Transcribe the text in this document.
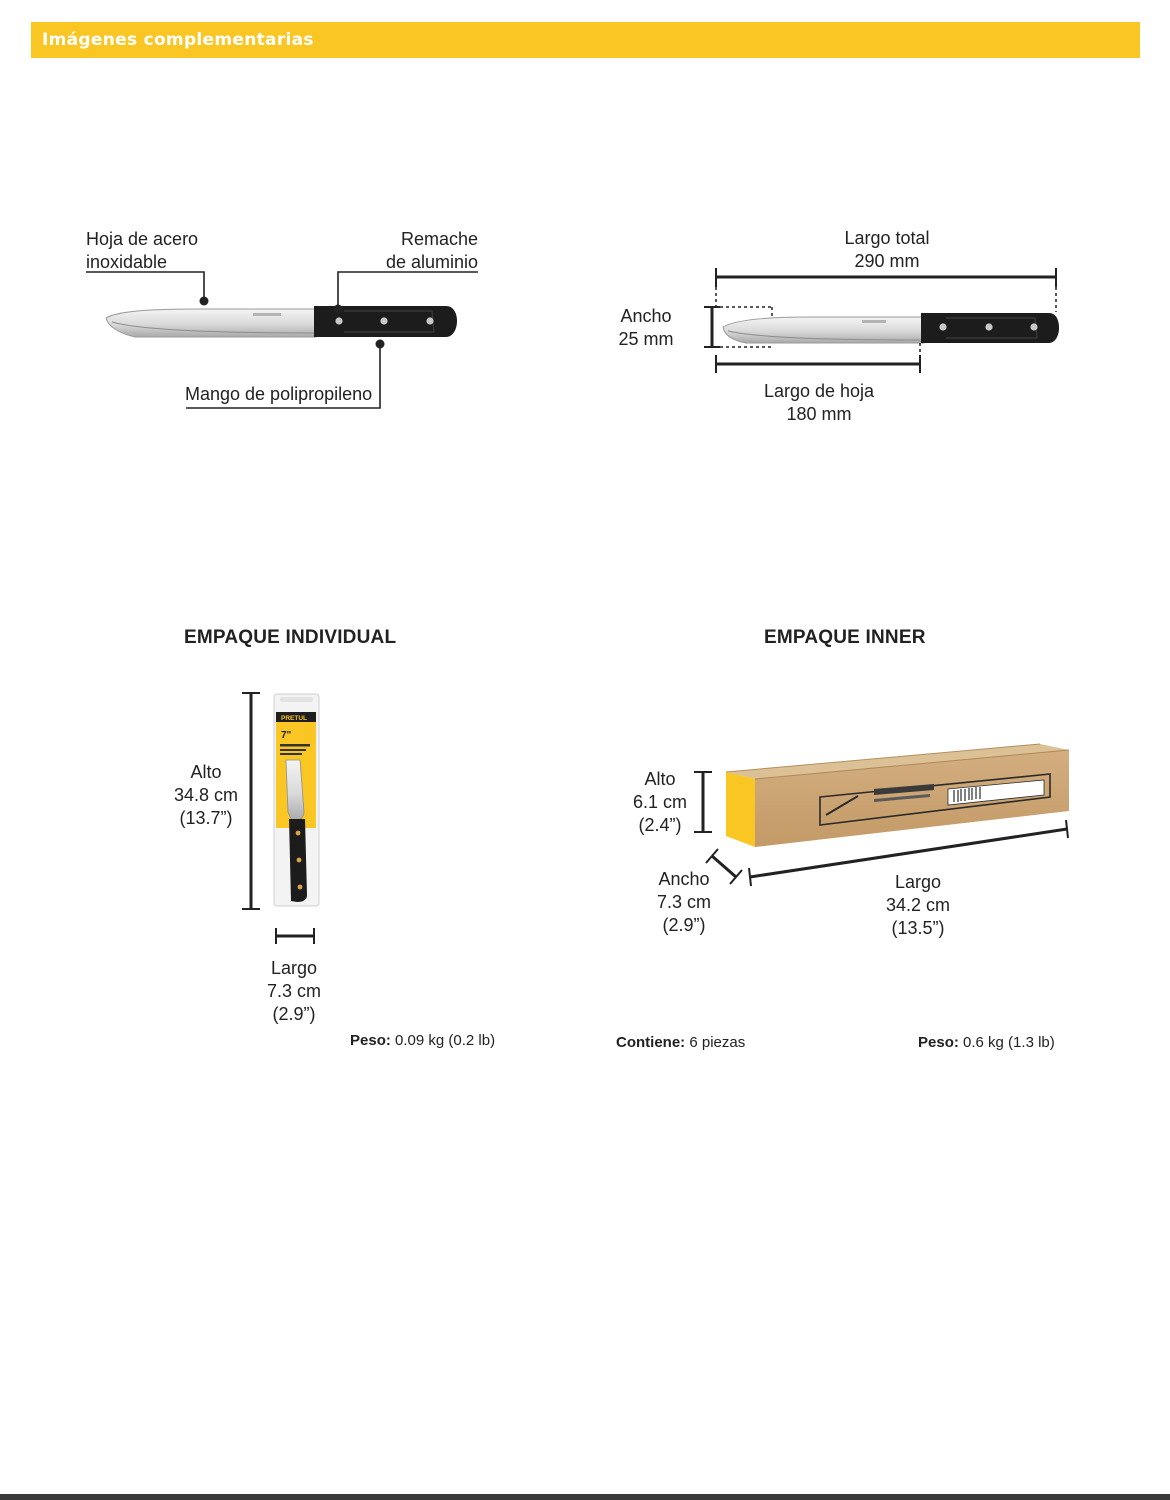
Imágenes complementarias
PRETUL
7"
Hoja de acero
inoxidable
Remache
de aluminio
Mango de polipropileno
Largo total
290 mm
Ancho
25 mm
Largo de hoja
180 mm
EMPAQUE INDIVIDUAL
Alto
34.8 cm
(13.7”)
Largo
7.3 cm
(2.9”)
Peso: 0.09 kg (0.2 lb)
EMPAQUE INNER
Alto
6.1 cm
(2.4”)
Ancho
7.3 cm
(2.9”)
Largo
34.2 cm
(13.5”)
Contiene: 6 piezas	Peso: 0.6 kg (1.3 lb)
